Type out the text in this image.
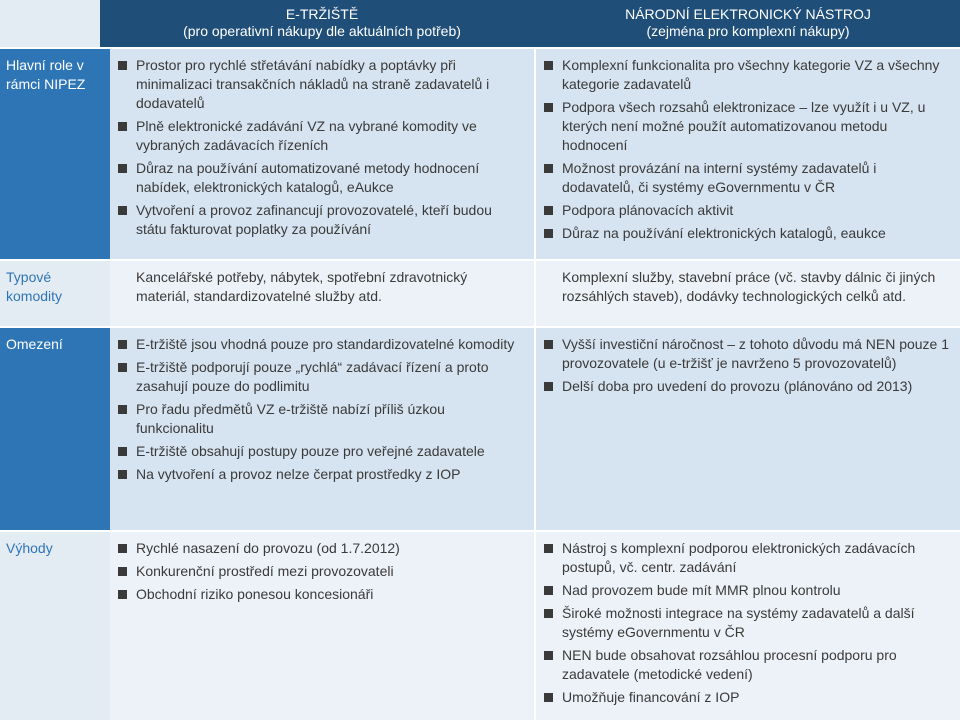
E-TRŽIŠTĚ
(pro operativní nákupy dle aktuálních potřeb)
NÁRODNÍ ELEKTRONICKÝ NÁSTROJ
(zejména pro komplexní nákupy)
Hlavní role v rámci NIPEZ
Prostor pro rychlé střetávání nabídky a poptávky při minimalizaci transakčních nákladů na straně zadavatelů i dodavatelů
Plně elektronické zadávání VZ na vybrané komodity ve vybraných zadávacích řízeních
Důraz na používání automatizované metody hodnocení nabídek, elektronických katalogů, eAukce
Vytvoření a provoz zafinancují provozovatelé, kteří budou státu fakturovat poplatky za používání
Komplexní funkcionalita pro všechny kategorie VZ a všechny kategorie zadavatelů
Podpora všech rozsahů elektronizace – lze využít i u VZ, u kterých není možné použít automatizovanou metodu hodnocení
Možnost provázání na interní systémy zadavatelů i dodavatelů, či systémy eGovernmentu v ČR
Podpora plánovacích aktivit
Důraz na používání elektronických katalogů, eaukce
Typové komodity

Kancelářské potřeby, nábytek, spotřební zdravotnický materiál, standardizovatelné služby atd.

Komplexní služby, stavební práce (vč. stavby dálnic či jiných rozsáhlých staveb), dodávky technologických celků atd.

Omezení	E-tržiště jsou vhodná pouze pro standardizovatelné komodity
E-tržiště podporují pouze „rychlá“ zadávací řízení a proto zasahují pouze do podlimitu
Pro řadu předmětů VZ e-tržiště nabízí příliš úzkou funkcionalitu
E-tržiště obsahují postupy pouze pro veřejné zadavatele
Na vytvoření a provoz nelze čerpat prostředky z IOP
Vyšší investiční náročnost – z tohoto důvodu má NEN pouze 1 provozovatele (u e-tržišť je navrženo 5 provozovatelů)
Delší doba pro uvedení do provozu (plánováno od 2013)
Výhody	Rychlé nasazení do provozu (od 1.7.2012)
Konkurenční prostředí mezi provozovateli
Obchodní riziko ponesou koncesionáři
Nástroj s komplexní podporou elektronických zadávacích postupů, vč. centr. zadávání
Nad provozem bude mít MMR plnou kontrolu
Široké možnosti integrace na systémy zadavatelů a další systémy eGovernmentu v ČR
NEN bude obsahovat rozsáhlou procesní podporu pro zadavatele (metodické vedení)
Umožňuje financování z IOP
